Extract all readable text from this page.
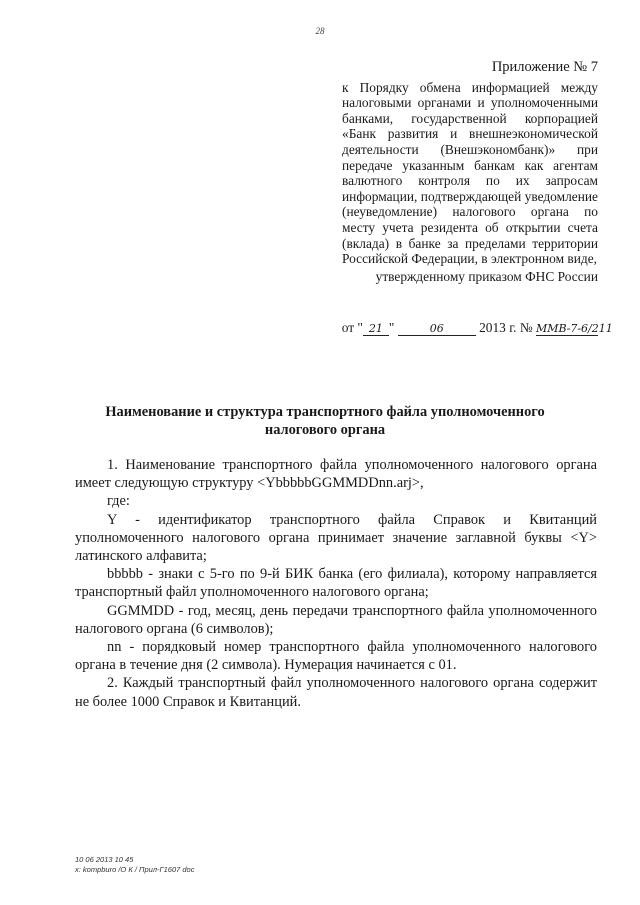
28
Приложение № 7
к Порядку обмена информацией между налоговыми органами и уполномоченными банками, государственной корпорацией «Банк развития и внешнеэкономической деятельности (Внешэкономбанк)» при передаче указанным банкам как агентам валютного контроля по их запросам информации, подтверждающей уведомление (неуведомление) налогового органа по месту учета резидента об открытии счета (вклада) в банке за пределами территории Российской Федерации, в электронном виде,
утвержденному приказом ФНС России
от " 21 "	06 2013 г. № ММВ-7-6/211
Наименование и структура транспортного файла уполномоченного
налогового органа

1. Наименование транспортного файла уполномоченного налогового органа имеет следующую структуру <YbbbbbGGMMDDnn.arj>,

где:

Y - идентификатор транспортного файла Справок и Квитанций уполномоченного налогового органа принимает значение заглавной буквы <Y> латинского алфавита;

bbbbb - знаки с 5-го по 9-й БИК банка (его филиала), которому направляется транспортный файл уполномоченного налогового органа;

GGMMDD - год, месяц, день передачи транспортного файла уполномоченного налогового органа (6 символов);

nn - порядковый номер транспортного файла уполномоченного налогового органа в течение дня (2 символа). Нумерация начинается с 01.

2. Каждый транспортный файл уполномоченного налогового органа содержит не более 1000 Справок и Квитанций.

10 06 2013 10 45
x: kompburo /О К / Прил-Г1607 doc
